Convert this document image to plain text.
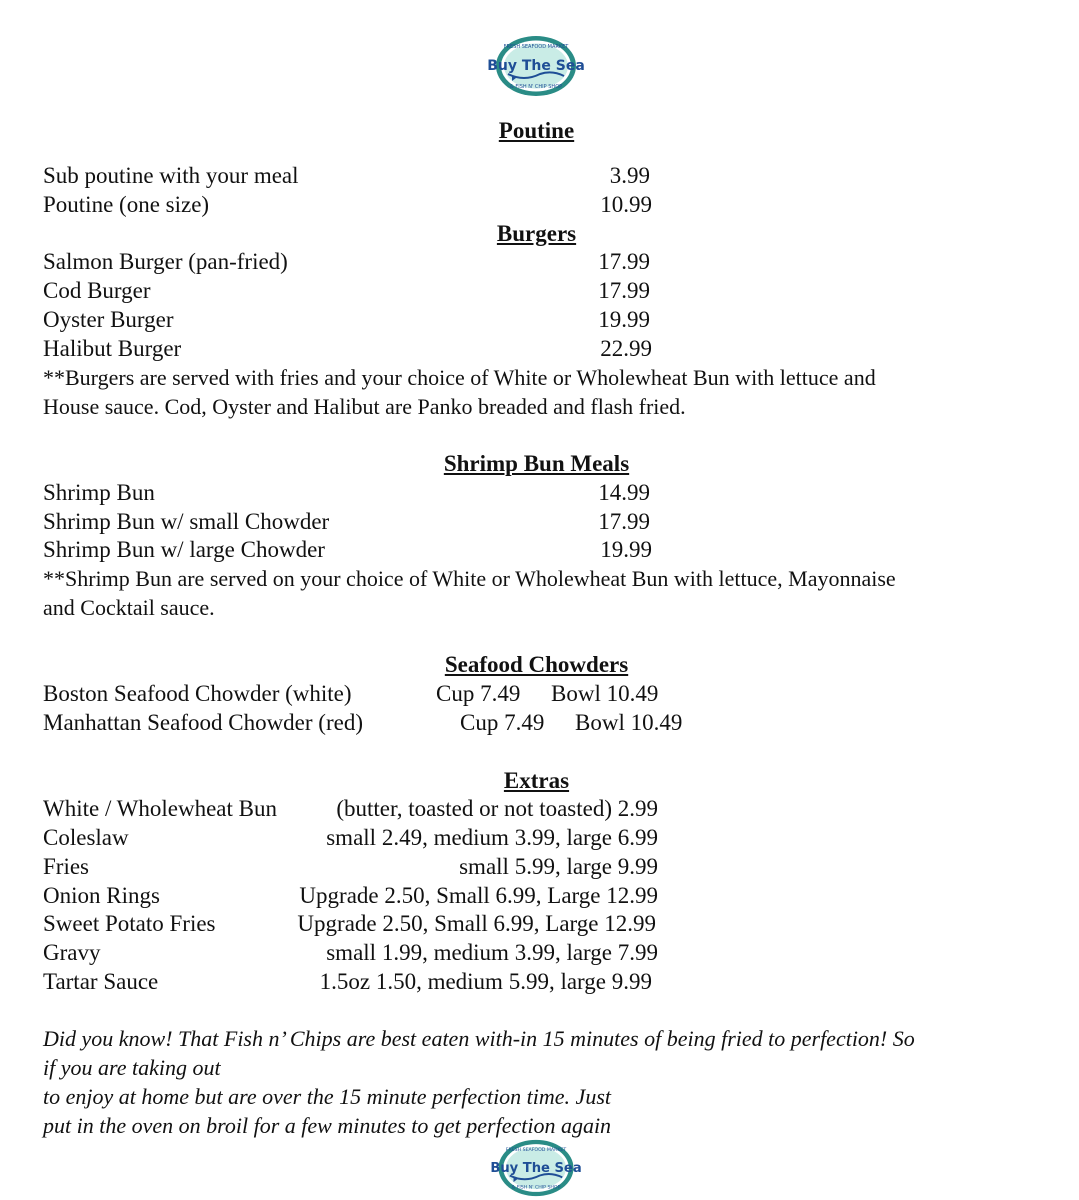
Buy The Sea
FRESH SEAFOOD MARKET
& FISH N' CHIP SHOP
Poutine
Sub poutine with your meal	3.99
Poutine (one size)	10.99
Burgers
Salmon Burger (pan-fried)	17.99
Cod Burger	17.99
Oyster Burger	19.99
Halibut Burger	22.99
**Burgers are served with fries and your choice of White or Wholewheat Bun with lettuce and
House sauce. Cod, Oyster and Halibut are Panko breaded and flash fried.
Shrimp Bun Meals
Shrimp Bun	14.99
Shrimp Bun w/ small Chowder	17.99
Shrimp Bun w/ large Chowder	19.99
**Shrimp Bun are served on your choice of White or Wholewheat Bun with lettuce, Mayonnaise
and Cocktail sauce.
Seafood Chowders
Boston Seafood Chowder (white)	Cup 7.49 Bowl 10.49
Manhattan Seafood Chowder (red)	Cup 7.49 Bowl 10.49
Extras
White / Wholewheat Bun	(butter, toasted or not toasted) 2.99
Coleslaw	small 2.49, medium 3.99, large 6.99
Fries	small 5.99, large 9.99
Onion Rings	Upgrade 2.50, Small 6.99, Large 12.99
Sweet Potato Fries	Upgrade 2.50, Small 6.99, Large 12.99
Gravy	small 1.99, medium 3.99, large 7.99
Tartar Sauce	1.5oz 1.50, medium 5.99, large 9.99
Did you know! That Fish n’ Chips are best eaten with-in 15 minutes of being fried to perfection! So
if you are taking out
to enjoy at home but are over the 15 minute perfection time. Just
put in the oven on broil for a few minutes to get perfection again
Buy The Sea
FRESH SEAFOOD MARKET
& FISH N' CHIP SHOP
